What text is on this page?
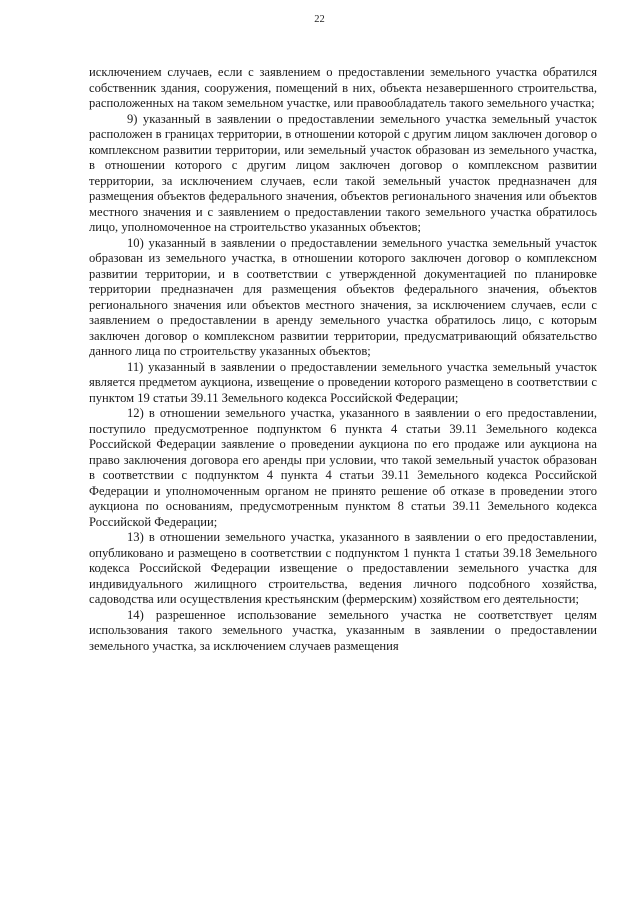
22

исключением случаев, если с заявлением о предоставлении земельного участка обратился собственник здания, сооружения, помещений в них, объекта незавершенного строительства, расположенных на таком земельном участке, или правообладатель такого земельного участка;

9) указанный в заявлении о предоставлении земельного участка земельный участок расположен в границах территории, в отношении которой с другим лицом заключен договор о комплексном развитии территории, или земельный участок образован из земельного участка, в отношении которого с другим лицом заключен договор о комплексном развитии территории, за исключением случаев, если такой земельный участок предназначен для размещения объектов федерального значения, объектов регионального значения или объектов местного значения и с заявлением о предоставлении такого земельного участка обратилось лицо, уполномоченное на строительство указанных объектов;

10) указанный в заявлении о предоставлении земельного участка земельный участок образован из земельного участка, в отношении которого заключен договор о комплексном развитии территории, и в соответствии с утвержденной документацией по планировке территории предназначен для размещения объектов федерального значения, объектов регионального значения или объектов местного значения, за исключением случаев, если с заявлением о предоставлении в аренду земельного участка обратилось лицо, с которым заключен договор о комплексном развитии территории, предусматривающий обязательство данного лица по строительству указанных объектов;

11) указанный в заявлении о предоставлении земельного участка земельный участок является предметом аукциона, извещение о проведении которого размещено в соответствии с пунктом 19 статьи 39.11 Земельного кодекса Российской Федерации;

12) в отношении земельного участка, указанного в заявлении о его предоставлении, поступило предусмотренное подпунктом 6 пункта 4 статьи 39.11 Земельного кодекса Российской Федерации заявление о проведении аукциона по его продаже или аукциона на право заключения договора его аренды при условии, что такой земельный участок образован в соответствии с подпунктом 4 пункта 4 статьи 39.11 Земельного кодекса Российской Федерации и уполномоченным органом не принято решение об отказе в проведении этого аукциона по основаниям, предусмотренным пунктом 8 статьи 39.11 Земельного кодекса Российской Федерации;

13) в отношении земельного участка, указанного в заявлении о его предоставлении, опубликовано и размещено в соответствии с подпунктом 1 пункта 1 статьи 39.18 Земельного кодекса Российской Федерации извещение о предоставлении земельного участка для индивидуального жилищного строительства, ведения личного подсобного хозяйства, садоводства или осуществления крестьянским (фермерским) хозяйством его деятельности;

14) разрешенное использование земельного участка не соответствует целям использования такого земельного участка, указанным в заявлении о предоставлении земельного участка, за исключением случаев размещения
